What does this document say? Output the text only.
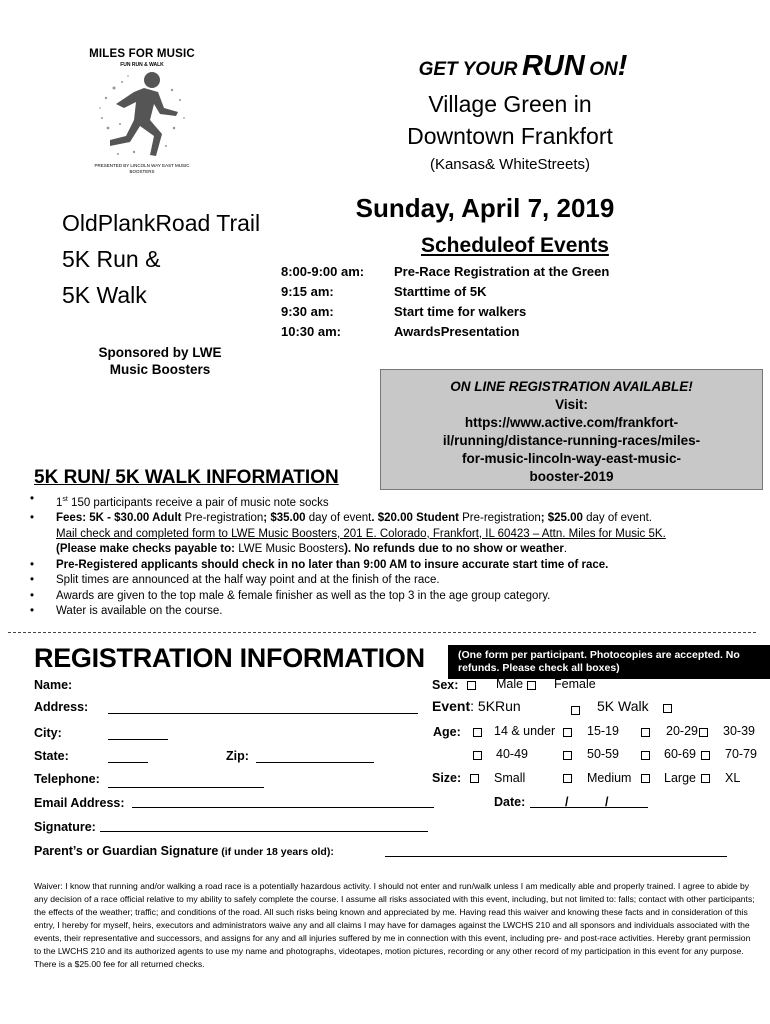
MILES FOR MUSIC
FUN RUN & WALK
PRESENTED BY LINCOLN WAY EAST MUSIC BOOSTERS
GET YOUR RUN ON!
Village Green in
Downtown Frankfort
(Kansas& WhiteStreets)
Sunday, April 7, 2019
OldPlankRoad Trail
5K Run &
5K Walk
Sponsored by LWE
Music Boosters
Scheduleof Events
8:00-9:00 am:	Pre-Race Registration at the Green
9:15 am:	Starttime of 5K
9:30 am:	Start time for walkers
10:30 am:	AwardsPresentation
ON LINE REGISTRATION AVAILABLE!
Visit:
https://www.active.com/frankfort-
il/running/distance-running-races/miles-
for-music-lincoln-way-east-music-
booster-2019
5K RUN/ 5K WALK INFORMATION
•	1st 150 participants receive a pair of music note socks
•	Fees: 5K - $30.00 Adult Pre-registration; $35.00 day of event. $20.00 Student Pre-registration; $25.00 day of event.
Mail check and completed form to LWE Music Boosters, 201 E. Colorado, Frankfort, IL 60423 – Attn. Miles for Music 5K.
(Please make checks payable to: LWE Music Boosters). No refunds due to no show or weather.
•	Pre-Registered applicants should check in no later than 9:00 AM to insure accurate start time of race.
•	Split times are announced at the half way point and at the finish of the race.
•	Awards are given to the top male & female finisher as well as the top 3 in the age group category.
•	Water is available on the course.
REGISTRATION INFORMATION	(One form per participant. Photocopies are accepted. No refunds. Please check all boxes)
Name:
Address:
City:
State:	Zip:
Telephone:
Email Address:
Signature:
Parent’s or Guardian Signature (if under 18 years old):
Sex:	Male Female
Event: 5KRun	5K Walk
Age:	14 & under	15-19	20-29 30-39
40-49	50-59	60-69 70-79
Size:	Small	Medium	Large XL
Date:	/	/
Waiver: I know that running and/or walking a road race is a potentially hazardous activity. I should not enter and run/walk unless I am medically able and properly trained. I agree to abide by any decision of a race official relative to my ability to safely complete the course. I assume all risks associated with this event, including, but not limited to: falls; contact with other participants; the effects of the weather; traffic; and conditions of the road. All such risks being known and appreciated by me. Having read this waiver and knowing these facts and in consideration of this entry, I hereby for myself, heirs, executors and administrators waive any and all claims I may have for damages against the LWCHS 210 and all sponsors and individuals associated with the events, their representative and successors, and assigns for any and all injuries suffered by me in connection with this event, including pre- and post-race activities. Hereby grant permission to the LWCHS 210 and its authorized agents to use my name and photographs, videotapes, motion pictures, recording or any other record of my participation in this event for any purpose. There is a $25.00 fee for all returned checks.
